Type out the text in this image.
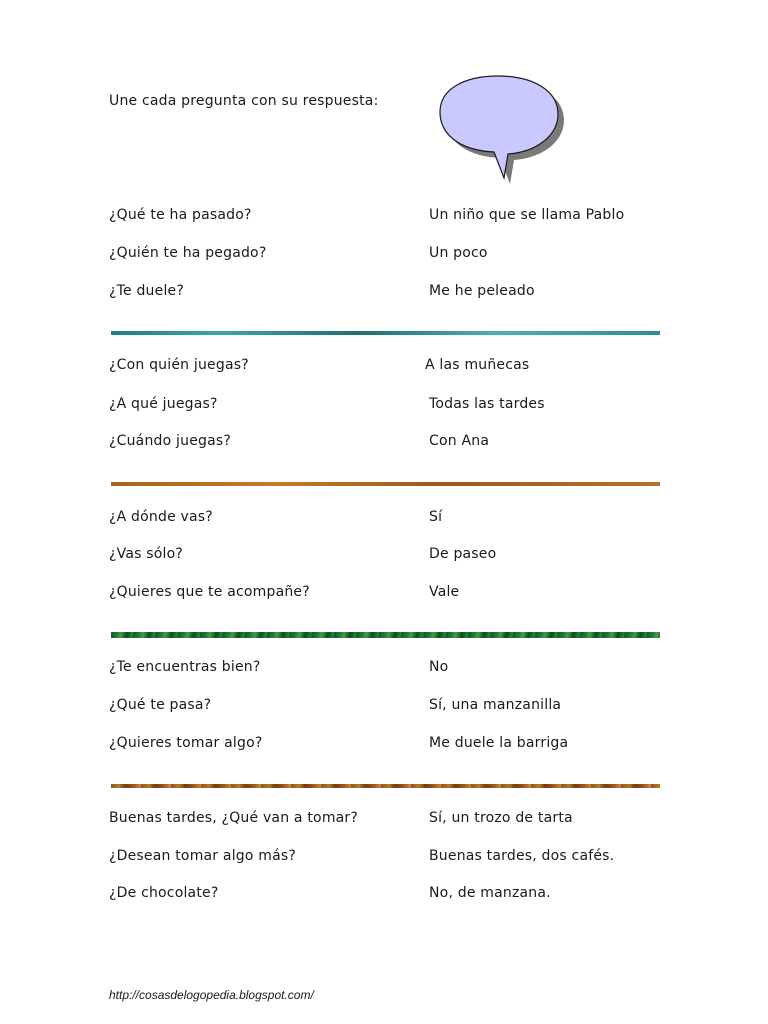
Une cada pregunta con su respuesta:
¿Qué te ha pasado?	Un niño que se llama Pablo
¿Quién te ha pegado?	Un poco
¿Te duele?	Me he peleado
¿Con quién juegas?	A las muñecas
¿A qué juegas?	Todas las tardes
¿Cuándo juegas?	Con Ana
¿A dónde vas?	Sí
¿Vas sólo?	De paseo
¿Quieres que te acompañe?	Vale
¿Te encuentras bien?	No
¿Qué te pasa?	Sí, una manzanilla
¿Quieres tomar algo?	Me duele la barriga
Buenas tardes, ¿Qué van a tomar?	Sí, un trozo de tarta
¿Desean tomar algo más?	Buenas tardes, dos cafés.
¿De chocolate?	No, de manzana.
http://cosasdelogopedia.blogspot.com/
